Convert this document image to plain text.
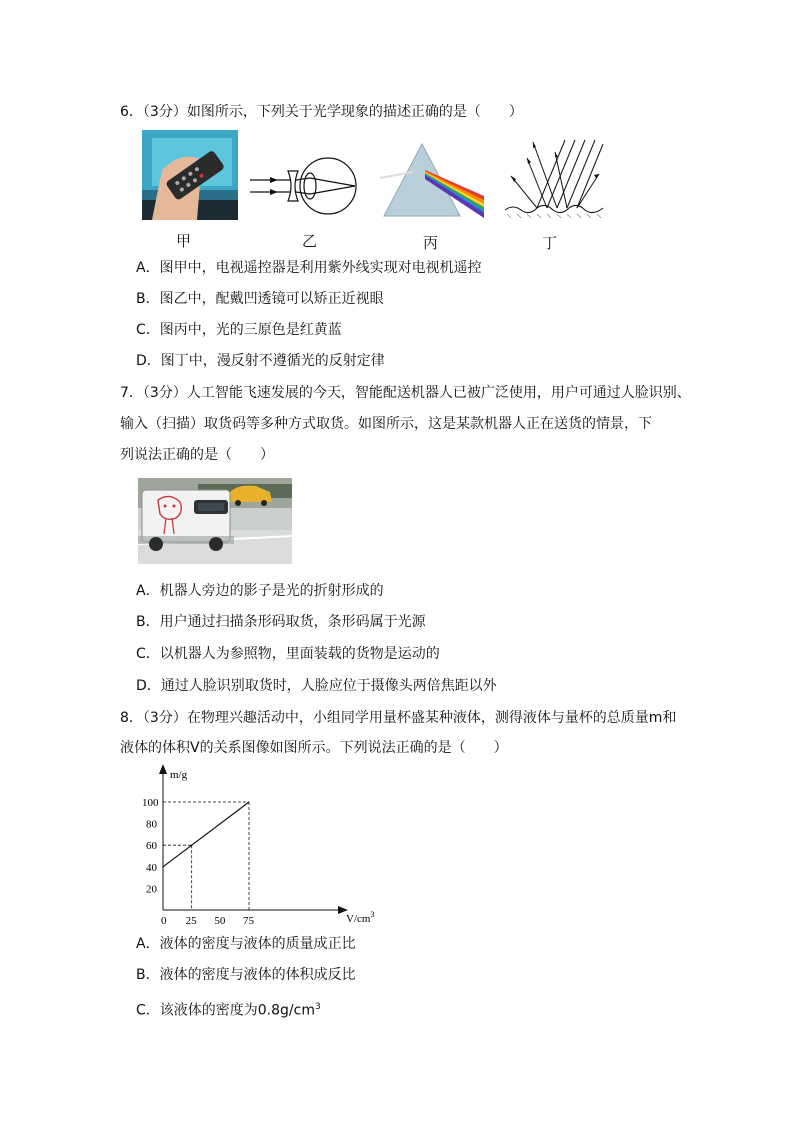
6．（3分）如图所示，下列关于光学现象的描述正确的是（　　）
甲	乙	丙	丁
A．图甲中，电视遥控器是利用紫外线实现对电视机遥控
B．图乙中，配戴凹透镜可以矫正近视眼
C．图丙中，光的三原色是红黄蓝
D．图丁中，漫反射不遵循光的反射定律
7．（3分）人工智能飞速发展的今天，智能配送机器人已被广泛使用，用户可通过人脸识别、
输入（扫描）取货码等多种方式取货。如图所示，这是某款机器人正在送货的情景，下
列说法正确的是（　　）
A．机器人旁边的影子是光的折射形成的
B．用户通过扫描条形码取货，条形码属于光源
C．以机器人为参照物，里面装载的货物是运动的
D．通过人脸识别取货时，人脸应位于摄像头两倍焦距以外
8．（3分）在物理兴趣活动中，小组同学用量杯盛某种液体，测得液体与量杯的总质量m和
液体的体积V的关系图像如图所示。下列说法正确的是（　　）
m/g
$V/cm^3$
0 25 50 75
20
40
60
80
100
A．液体的密度与液体的质量成正比
B．液体的密度与液体的体积成反比
C．该液体的密度为$0.8g/cm^3$
